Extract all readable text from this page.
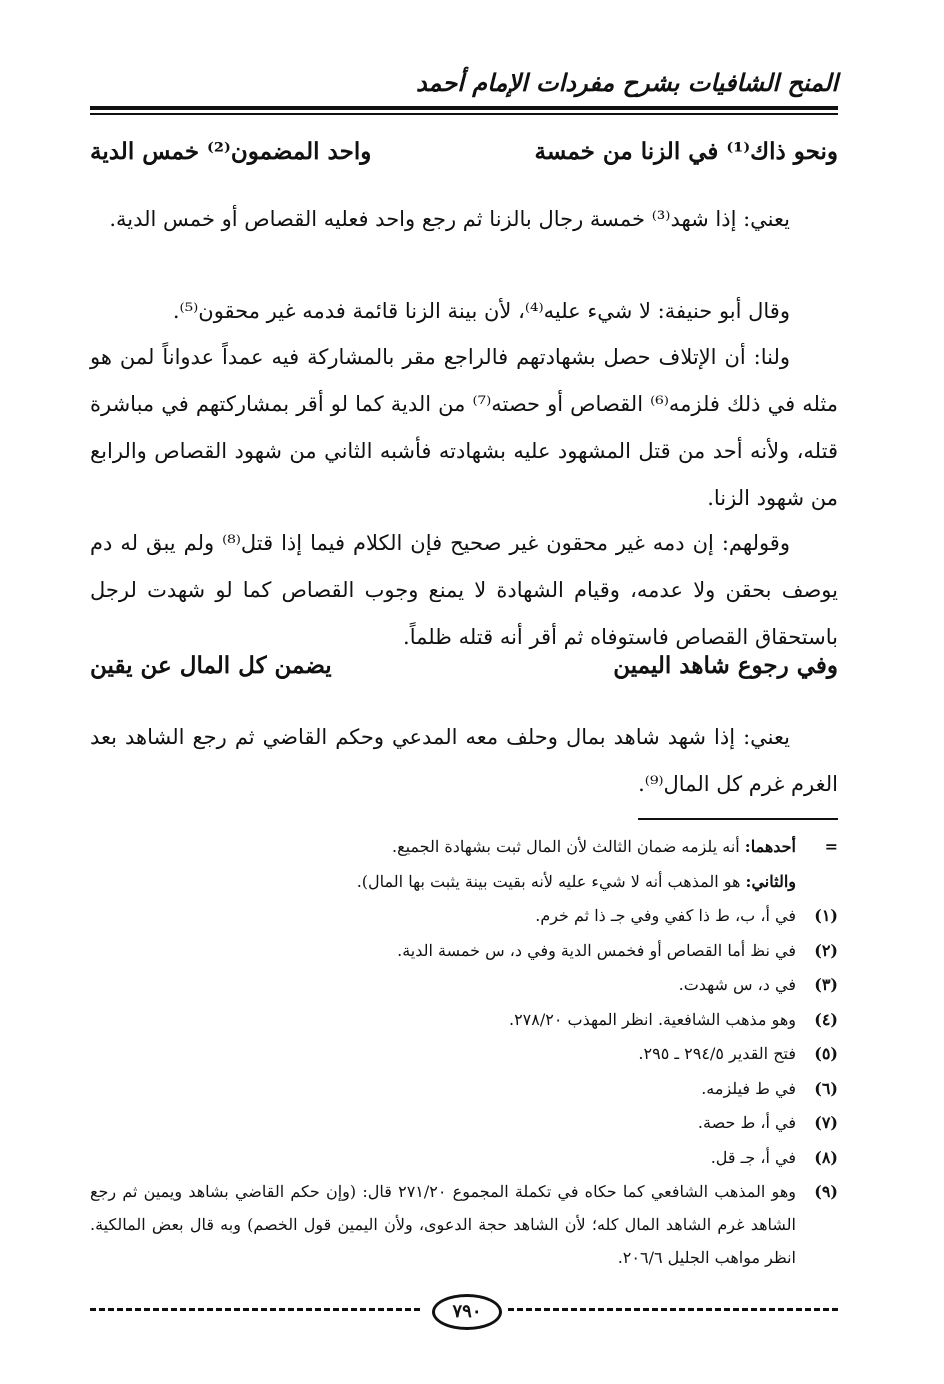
المنح الشافيات بشرح مفردات الإمام أحمد
ونحو ذاك⁽¹⁾ في الزنا من خمسة
واحد المضمون⁽²⁾ خمس الدية

يعني: إذا شهد⁽³⁾ خمسة رجال بالزنا ثم رجع واحد فعليه القصاص أو خمس الدية.

وقال أبو حنيفة: لا شيء عليه⁽⁴⁾، لأن بينة الزنا قائمة فدمه غير محقون⁽⁵⁾.

ولنا: أن الإتلاف حصل بشهادتهم فالراجع مقر بالمشاركة فيه عمداً عدواناً لمن هو مثله في ذلك فلزمه⁽⁶⁾ القصاص أو حصته⁽⁷⁾ من الدية كما لو أقر بمشاركتهم في مباشرة قتله، ولأنه أحد من قتل المشهود عليه بشهادته فأشبه الثاني من شهود القصاص والرابع من شهود الزنا.

وقولهم: إن دمه غير محقون غير صحيح فإن الكلام فيما إذا قتل⁽⁸⁾ ولم يبق له دم يوصف بحقن ولا عدمه، وقيام الشهادة لا يمنع وجوب القصاص كما لو شهدت لرجل باستحقاق القصاص فاستوفاه ثم أقر أنه قتله ظلماً.

وفي رجوع شاهد اليمين
يضمن كل المال عن يقين

يعني: إذا شهد شاهد بمال وحلف معه المدعي وحكم القاضي ثم رجع الشاهد بعد الغرم غرم كل المال⁽⁹⁾.

=
أحدهما: أنه يلزمه ضمان الثالث لأن المال ثبت بشهادة الجميع.
والثاني: هو المذهب أنه لا شيء عليه لأنه بقيت بينة يثبت بها المال).
(١)
في أ، ب، ط ذا كفي وفي جـ ذا ثم خرم.
(٢)
في نظ أما القصاص أو فخمس الدية وفي د، س خمسة الدية.
(٣)
في د، س شهدت.
(٤)
وهو مذهب الشافعية. انظر المهذب ٢٧٨/٢٠.
(٥)
فتح القدير ٢٩٤/٥ ـ ٢٩٥.
(٦)
في ط فيلزمه.
(٧)
في أ، ط حصة.
(٨)
في أ، جـ قل.
(٩)
وهو المذهب الشافعي كما حكاه في تكملة المجموع ٢٧١/٢٠ قال: (وإن حكم القاضي بشاهد ويمين ثم رجع الشاهد غرم الشاهد المال كله؛ لأن الشاهد حجة الدعوى، ولأن اليمين قول الخصم) وبه قال بعض المالكية. انظر مواهب الجليل ٢٠٦/٦.
٧٩٠
